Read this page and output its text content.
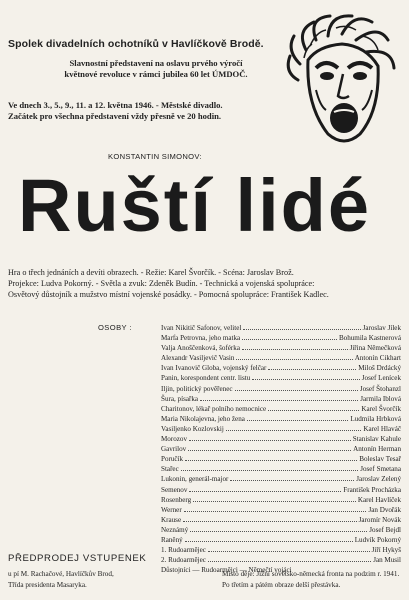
Spolek divadelních ochotníků v Havlíčkově Brodě.
Slavnostní představení na oslavu prvého výročí
květnové revoluce v rámci jubilea 60 let ÚMDOČ.
Ve dnech 3., 5., 9., 11. a 12. května 1946. - Městské divadlo.
Začátek pro všechna představení vždy přesně ve 20 hodin.
KONSTANTIN SIMONOV:
Ruští lidé
Hra o třech jednáních a devíti obrazech. - Režie: Karel Švorčík. - Scéna: Jaroslav Brož.
Projekce: Ludva Pokorný. - Světla a zvuk: Zdeněk Budín. - Technická a vojenská spolupráce:
Osvětový důstojník a mužstvo místní vojenské posádky. - Pomocná spolupráce: František Kadlec.
OSOBY :	Ivan Nikitič Safonov, velitel	Jaroslav Jílek
Marfa Petrovna, jeho matka	Bohumila Kastnerová
Valja Anoščenková, šoférka	Jiřina Němečková
Alexandr Vasiljevič Vasin	Antonín Cikhart
Ivan Ivanovič Globa, vojenský felčar	Miloš Drdácký
Panin, korespondent centr. listu	Josef Lenícek
Iljin, politický pověřenec	Josef Štohanzl
Šura, písařka	Jarmila Iblová
Charitonov, lékař polního nemocnice	Karel Švorčík
Maria Nikolajevna, jeho žena	Ludmila Hrbková
Vasiljenko Kozlovskij	Karel Hlaváč
Morozov	Stanislav Kahule
Gavrilov	Antonín Herman
Poručík	Boleslav Tesař
Stařec	Josef Smetana
Lukonin, generál-major	Jaroslav Zelený
Semenov	František Procházka
Rosenberg	Karel Havlíček
Werner	Jan Dvořák
Krause	Jaromír Novák
Neznámý	Josef Bejdl
Raněný	Ludvík Pokorný
1. Rudoarmějec	Jiří Hykyš
2. Rudoarmějec	Jan Musil
Důstojníci — Rudoarmějci — Němečtí vojáci
PŘEDPRODEJ VSTUPENEK
u pí M. Rachačové, Havlíčkův Brod,
Třída presidenta Masaryka.
Místo děje: Jižní sovětsko-německá fronta na podzim r. 1941.
Po třetím a pátém obraze delší přestávka.
